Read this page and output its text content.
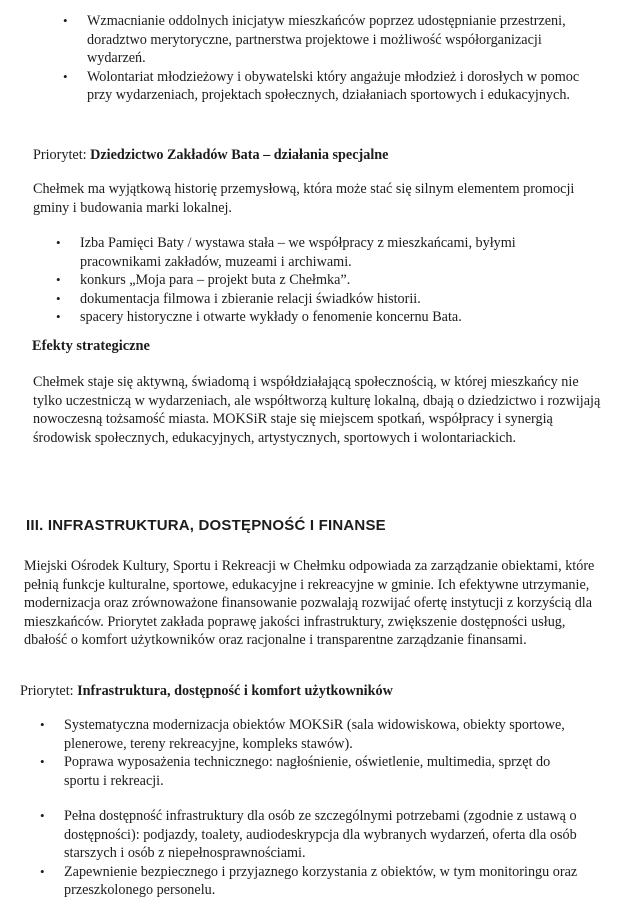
• Wzmacnianie oddolnych inicjatyw mieszkańców poprzez udostępnianie przestrzeni, doradztwo merytoryczne, partnerstwa projektowe i możliwość współorganizacji wydarzeń.
• Wolontariat młodzieżowy i obywatelski który angażuje młodzież i dorosłych w pomoc przy wydarzeniach, projektach społecznych, działaniach sportowych i edukacyjnych.
Priorytet: Dziedzictwo Zakładów Bata – działania specjalne

Chełmek ma wyjątkową historię przemysłową, która może stać się silnym elementem promocji gminy i budowania marki lokalnej.

• Izba Pamięci Baty / wystawa stała – we współpracy z mieszkańcami, byłymi pracownikami zakładów, muzeami i archiwami.
• konkurs „Moja para – projekt buta z Chełmka”.
• dokumentacja filmowa i zbieranie relacji świadków historii.
• spacery historyczne i otwarte wykłady o fenomenie koncernu Bata.
Efekty strategiczne

Chełmek staje się aktywną, świadomą i współdziałającą społecznością, w której mieszkańcy nie tylko uczestniczą w wydarzeniach, ale współtworzą kulturę lokalną, dbają o dziedzictwo i rozwijają nowoczesną tożsamość miasta. MOKSiR staje się miejscem spotkań, współpracy i synergią środowisk społecznych, edukacyjnych, artystycznych, sportowych i wolontariackich.

III. INFRASTRUKTURA, DOSTĘPNOŚĆ I FINANSE

Miejski Ośrodek Kultury, Sportu i Rekreacji w Chełmku odpowiada za zarządzanie obiektami, które pełnią funkcje kulturalne, sportowe, edukacyjne i rekreacyjne w gminie. Ich efektywne utrzymanie, modernizacja oraz zrównoważone finansowanie pozwalają rozwijać ofertę instytucji z korzyścią dla mieszkańców. Priorytet zakłada poprawę jakości infrastruktury, zwiększenie dostępności usług, dbałość o komfort użytkowników oraz racjonalne i transparentne zarządzanie finansami.

Priorytet: Infrastruktura, dostępność i komfort użytkowników
• Systematyczna modernizacja obiektów MOKSiR (sala widowiskowa, obiekty sportowe, plenerowe, tereny rekreacyjne, kompleks stawów).
• Poprawa wyposażenia technicznego: nagłośnienie, oświetlenie, multimedia, sprzęt do sportu i rekreacji.
• Pełna dostępność infrastruktury dla osób ze szczególnymi potrzebami (zgodnie z ustawą o dostępności): podjazdy, toalety, audiodeskrypcja dla wybranych wydarzeń, oferta dla osób starszych i osób z niepełnosprawnościami.
• Zapewnienie bezpiecznego i przyjaznego korzystania z obiektów, w tym monitoringu oraz przeszkolonego personelu.
